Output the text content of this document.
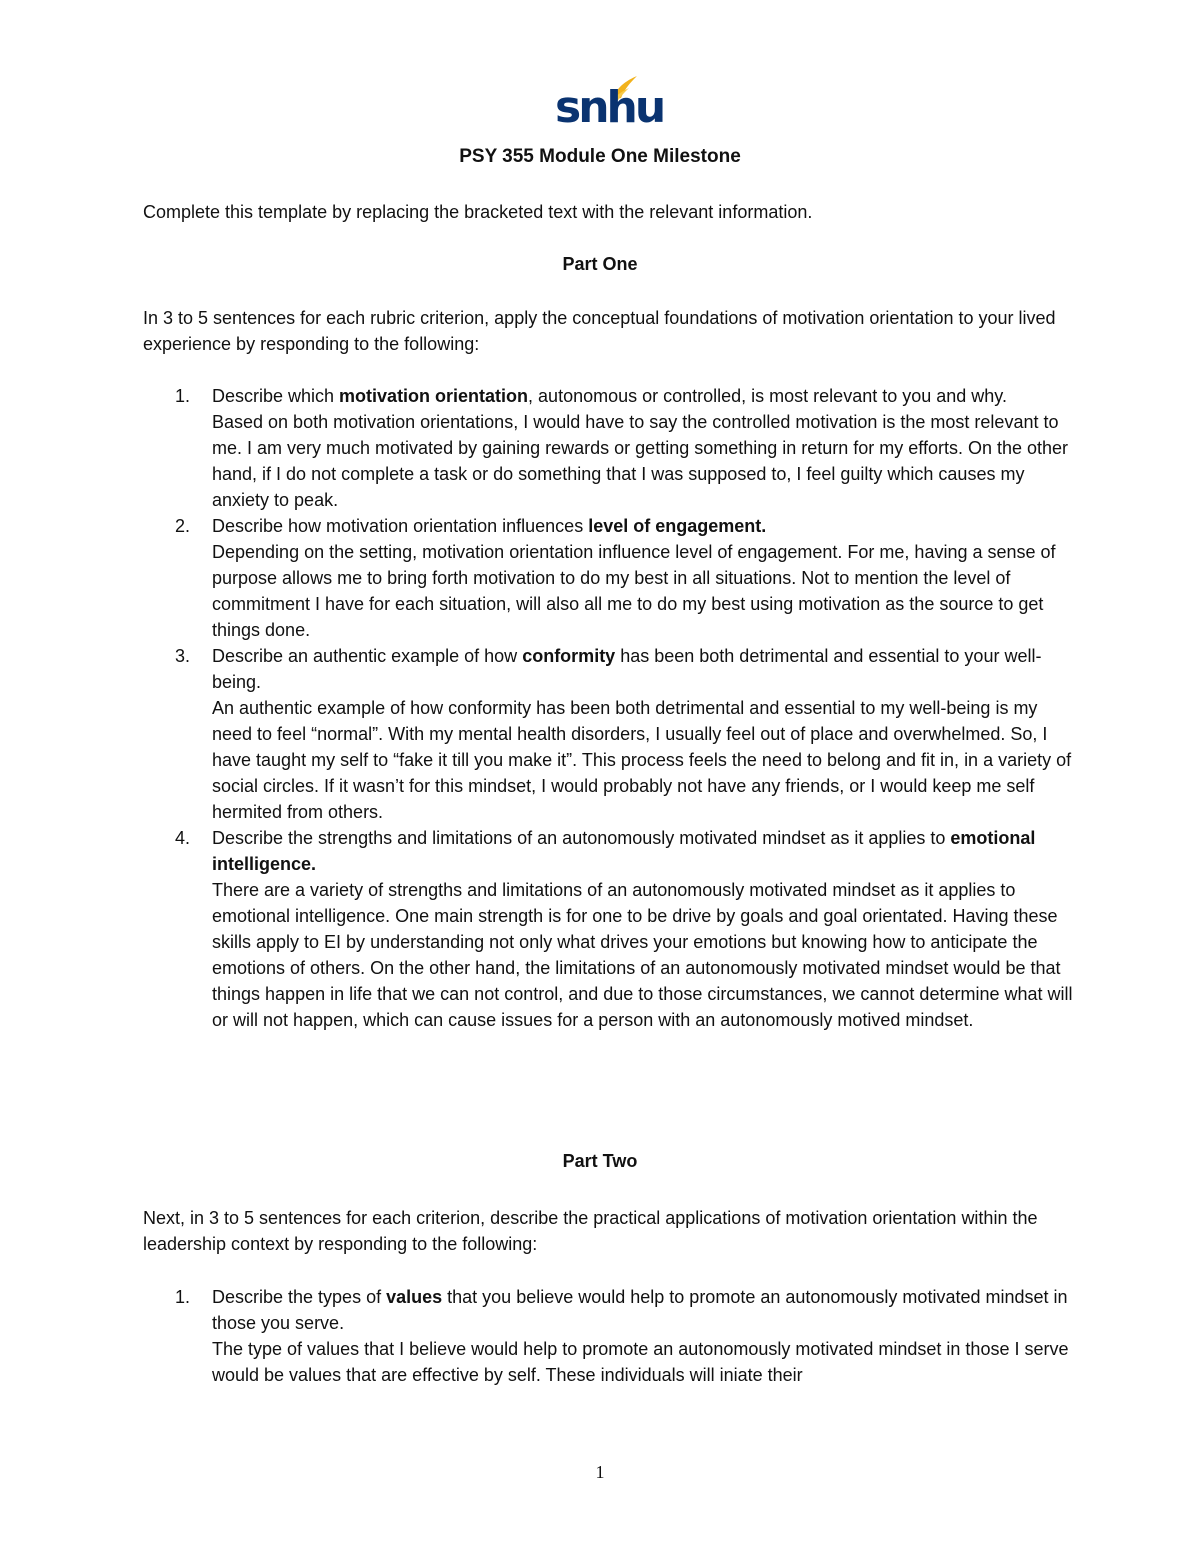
snhu
PSY 355 Module One Milestone
Complete this template by replacing the bracketed text with the relevant information.
Part One
In 3 to 5 sentences for each rubric criterion, apply the conceptual foundations of motivation orientation to your lived experience by responding to the following:
1. Describe which motivation orientation, autonomous or controlled, is most relevant to you and why.
Based on both motivation orientations, I would have to say the controlled motivation is the most relevant to me. I am very much motivated by gaining rewards or getting something in return for my efforts. On the other hand, if I do not complete a task or do something that I was supposed to, I feel guilty which causes my anxiety to peak.
2. Describe how motivation orientation influences level of engagement.
Depending on the setting, motivation orientation influence level of engagement. For me, having a sense of purpose allows me to bring forth motivation to do my best in all situations. Not to mention the level of commitment I have for each situation, will also all me to do my best using motivation as the source to get things done.
3. Describe an authentic example of how conformity has been both detrimental and essential to your well-being.
An authentic example of how conformity has been both detrimental and essential to my well-being is my need to feel “normal”. With my mental health disorders, I usually feel out of place and overwhelmed. So, I have taught my self to “fake it till you make it”. This process feels the need to belong and fit in, in a variety of social circles. If it wasn’t for this mindset, I would probably not have any friends, or I would keep me self hermited from others.
4. Describe the strengths and limitations of an autonomously motivated mindset as it applies to emotional intelligence.
There are a variety of strengths and limitations of an autonomously motivated mindset as it applies to emotional intelligence. One main strength is for one to be drive by goals and goal orientated. Having these skills apply to EI by understanding not only what drives your emotions but knowing how to anticipate the emotions of others. On the other hand, the limitations of an autonomously motivated mindset would be that things happen in life that we can not control, and due to those circumstances, we cannot determine what will or will not happen, which can cause issues for a person with an autonomously motived mindset.
Part Two
Next, in 3 to 5 sentences for each criterion, describe the practical applications of motivation orientation within the leadership context by responding to the following:
1. Describe the types of values that you believe would help to promote an autonomously motivated mindset in those you serve.
The type of values that I believe would help to promote an autonomously motivated mindset in those I serve would be values that are effective by self. These individuals will iniate their
1
